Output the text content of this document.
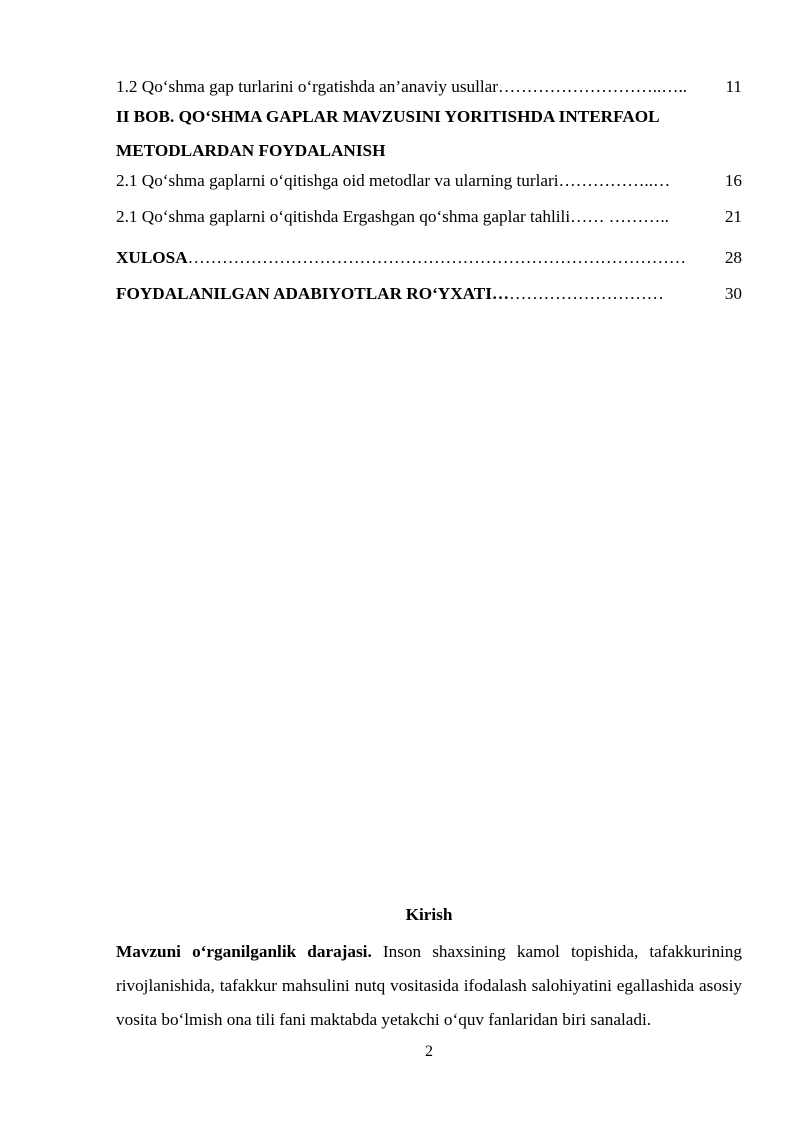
1.2 Qo‘shma gap turlarini o‘rgatishda an’anaviy usullar………………………..…..	11
II BOB. QO‘SHMA GAPLAR MAVZUSINI YORITISHDA INTERFAOL
METODLARDAN FOYDALANISH
2.1 Qo‘shma gaplarni o‘qitishga oid metodlar va ularning turlari……………..…	16
2.1 Qo‘shma gaplarni o‘qitishda Ergashgan qo‘shma gaplar tahlili…… ………..	21
XULOSA……………………………………………………………………………	28
FOYDALANILGAN ADABIYOTLAR RO‘YXATI…………………………	30
Kirish
Mavzuni o‘rganilganlik darajasi. Inson shaxsining kamol topishida, tafakkurining rivojlanishida, tafakkur mahsulini nutq vositasida ifodalash salohiyatini egallashida asosiy vosita bo‘lmish ona tili fani maktabda yetakchi o‘quv fanlaridan biri sanaladi.
2
